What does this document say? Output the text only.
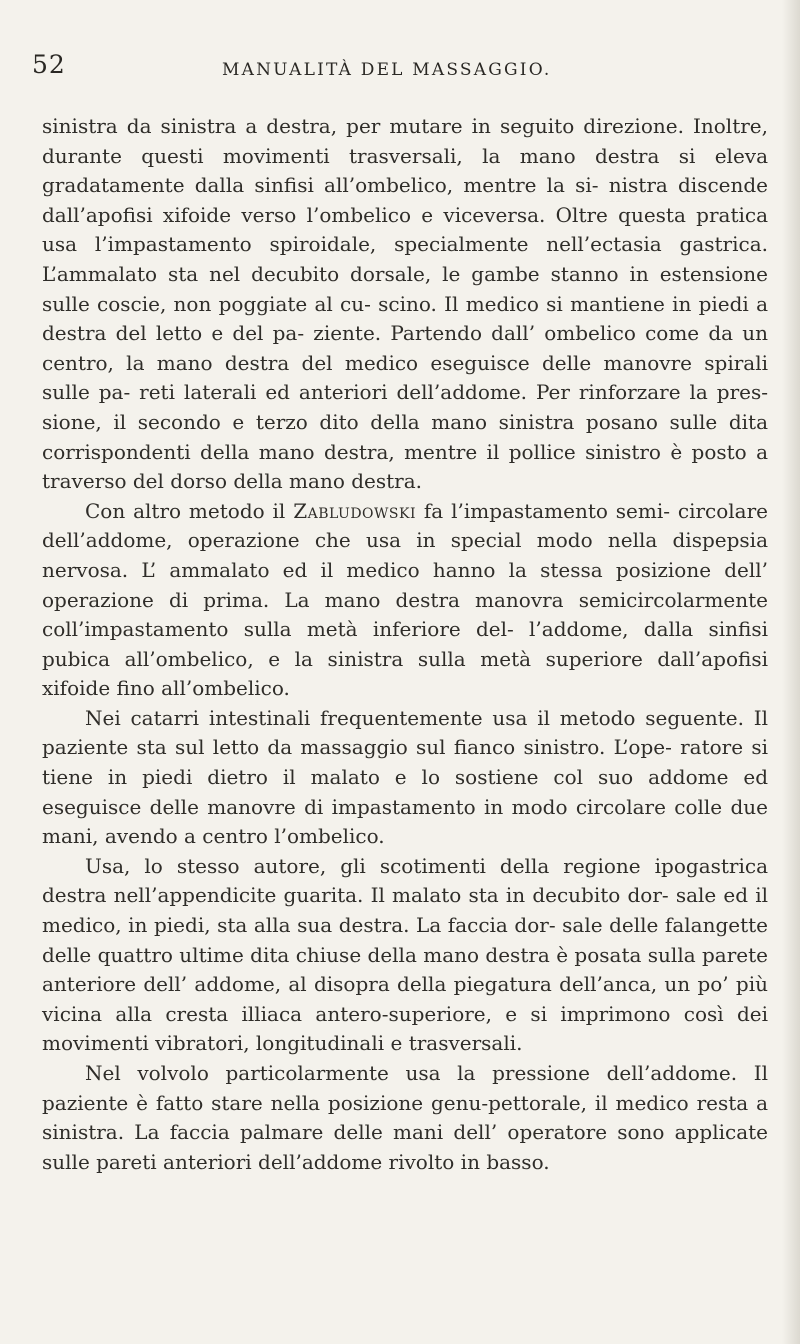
52	MANUALITÀ DEL MASSAGGIO.

sinistra da sinistra a destra, per mutare in seguito direzione. Inoltre, durante questi movimenti trasversali, la mano destra si eleva gradatamente dalla sinfisi all’ombelico, mentre la si- nistra discende dall’apofisi xifoide verso l’ombelico e viceversa. Oltre questa pratica usa l’impastamento spiroidale, specialmente nell’ectasia gastrica. L’ammalato sta nel decubito dorsale, le gambe stanno in estensione sulle coscie, non poggiate al cu- scino. Il medico si mantiene in piedi a destra del letto e del pa- ziente. Partendo dall’ ombelico come da un centro, la mano destra del medico eseguisce delle manovre spirali sulle pa- reti laterali ed anteriori dell’addome. Per rinforzare la pres- sione, il secondo e terzo dito della mano sinistra posano sulle dita corrispondenti della mano destra, mentre il pollice sinistro è posto a traverso del dorso della mano destra.

Con altro metodo il Zabludowski fa l’impastamento semi- circolare dell’addome, operazione che usa in special modo nella dispepsia nervosa. L’ ammalato ed il medico hanno la stessa posizione dell’ operazione di prima. La mano destra manovra semicircolarmente coll’impastamento sulla metà inferiore del- l’addome, dalla sinfisi pubica all’ombelico, e la sinistra sulla metà superiore dall’apofisi xifoide fino all’ombelico.

Nei catarri intestinali frequentemente usa il metodo seguente. Il paziente sta sul letto da massaggio sul fianco sinistro. L’ope- ratore si tiene in piedi dietro il malato e lo sostiene col suo addome ed eseguisce delle manovre di impastamento in modo circolare colle due mani, avendo a centro l’ombelico.

Usa, lo stesso autore, gli scotimenti della regione ipogastrica destra nell’appendicite guarita. Il malato sta in decubito dor- sale ed il medico, in piedi, sta alla sua destra. La faccia dor- sale delle falangette delle quattro ultime dita chiuse della mano destra è posata sulla parete anteriore dell’ addome, al disopra della piegatura dell’anca, un po’ più vicina alla cresta illiaca antero-superiore, e si imprimono così dei movimenti vibratori, longitudinali e trasversali.

Nel volvolo particolarmente usa la pressione dell’addome. Il paziente è fatto stare nella posizione genu-pettorale, il medico resta a sinistra. La faccia palmare delle mani dell’ operatore sono applicate sulle pareti anteriori dell’addome rivolto in basso.
